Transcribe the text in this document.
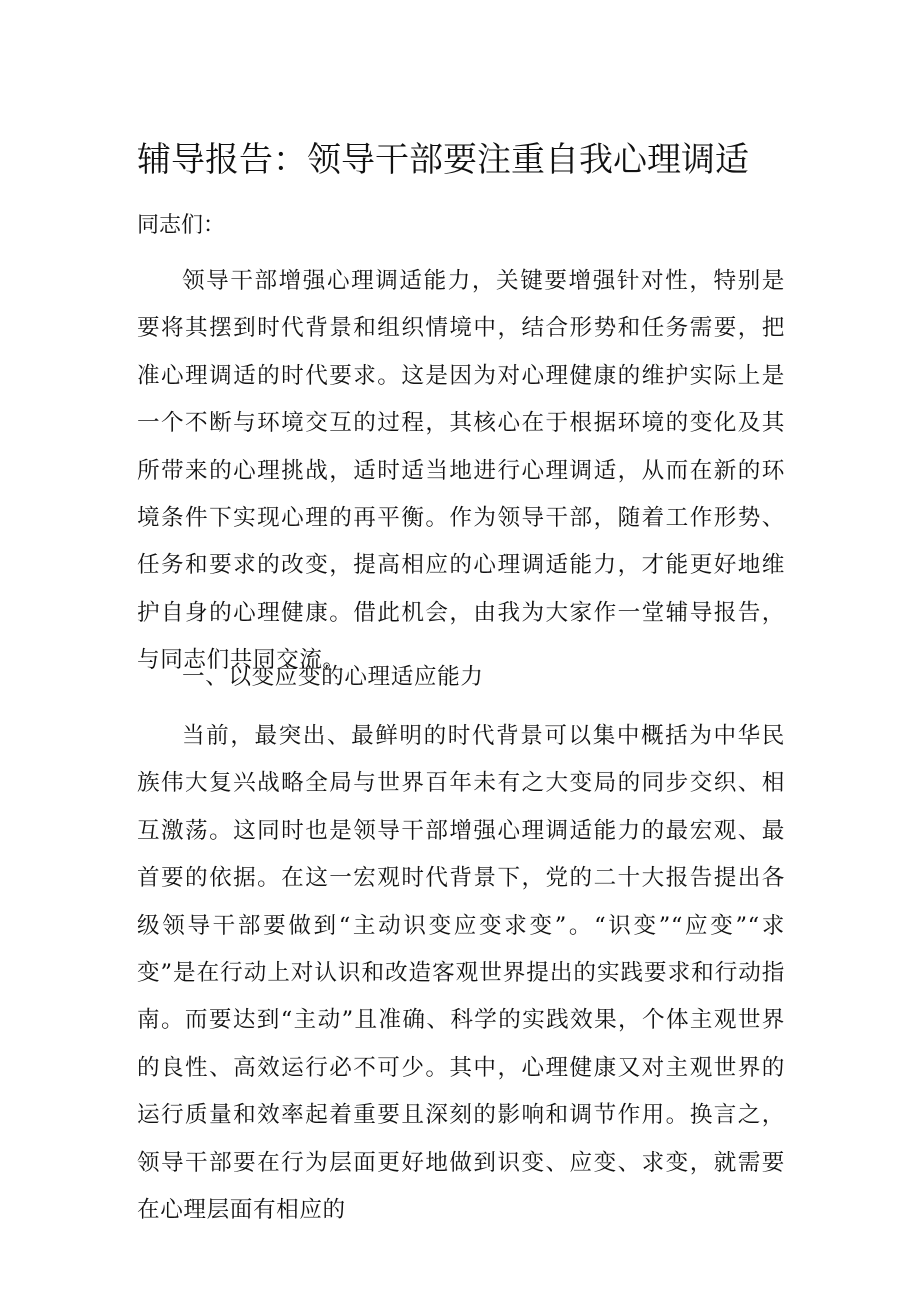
辅导报告：领导干部要注重自我心理调适

同志们：

领导干部增强心理调适能力，关键要增强针对性，特别是要将其摆到时代背景和组织情境中，结合形势和任务需要，把准心理调适的时代要求。这是因为对心理健康的维护实际上是一个不断与环境交互的过程，其核心在于根据环境的变化及其所带来的心理挑战，适时适当地进行心理调适，从而在新的环境条件下实现心理的再平衡。作为领导干部，随着工作形势、任务和要求的改变，提高相应的心理调适能力，才能更好地维护自身的心理健康。借此机会，由我为大家作一堂辅导报告，与同志们共同交流。

一、以变应变的心理适应能力

当前，最突出、最鲜明的时代背景可以集中概括为中华民族伟大复兴战略全局与世界百年未有之大变局的同步交织、相互激荡。这同时也是领导干部增强心理调适能力的最宏观、最首要的依据。在这一宏观时代背景下，党的二十大报告提出各级领导干部要做到“主动识变应变求变”。“识变”“应变”“求变”是在行动上对认识和改造客观世界提出的实践要求和行动指南。而要达到“主动”且准确、科学的实践效果，个体主观世界的良性、高效运行必不可少。其中，心理健康又对主观世界的运行质量和效率起着重要且深刻的影响和调节作用。换言之，领导干部要在行为层面更好地做到识变、应变、求变，就需要在心理层面有相应的
